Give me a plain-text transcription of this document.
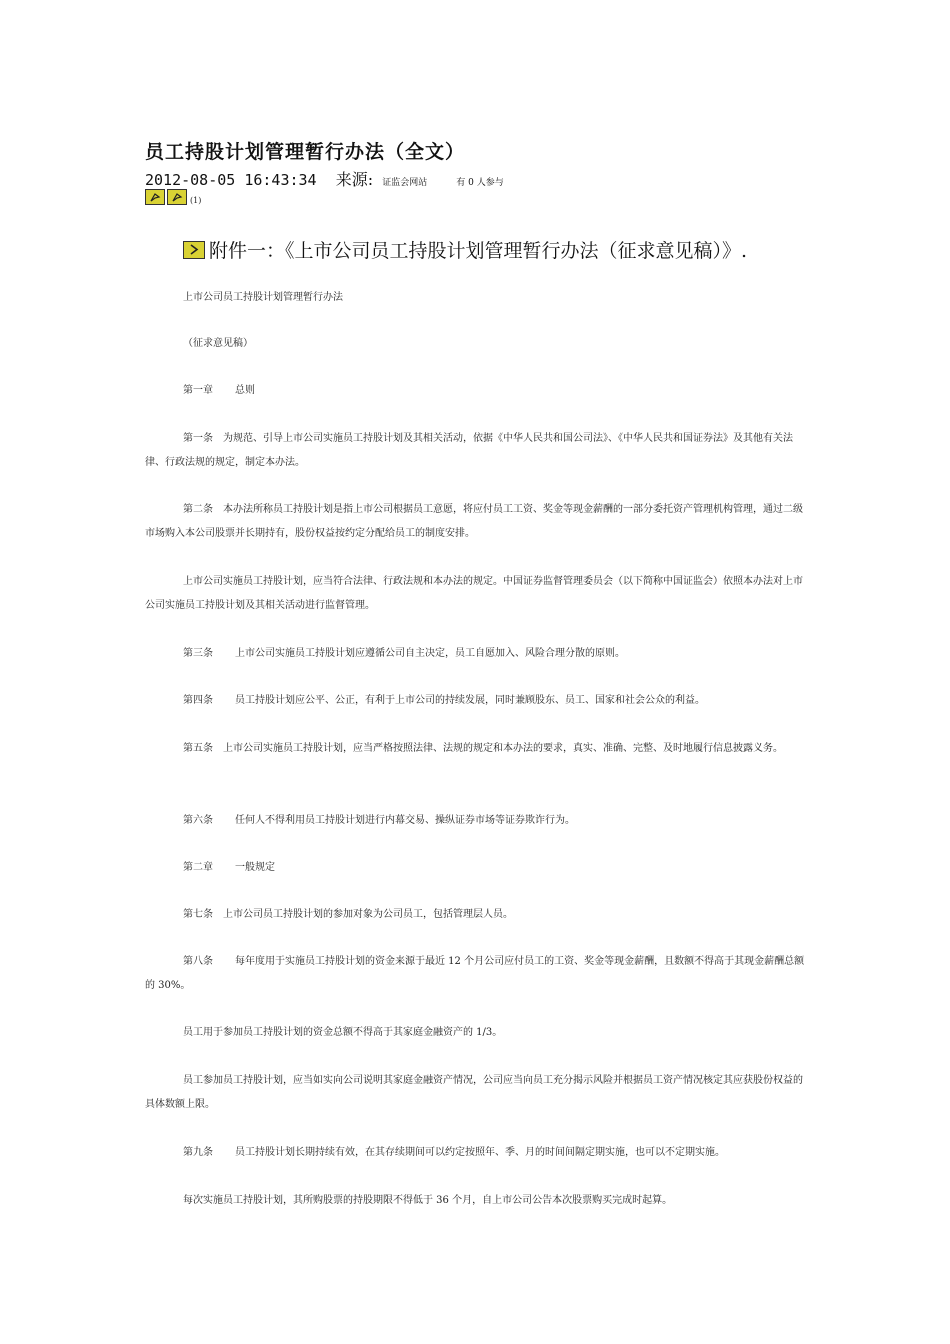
员工持股计划管理暂行办法（全文）
2012-08-05 16:43:34 来源: 证监会网站	有 0 人参与
(1)
附件一：《上市公司员工持股计划管理暂行办法（征求意见稿）》.
上市公司员工持股计划管理暂行办法
（征求意见稿）
第一章 总则
第一条 为规范、引导上市公司实施员工持股计划及其相关活动，依据《中华人民共和国公司法》、《中华人民共和国证券法》及其他有关法律、行政法规的规定，制定本办法。
第二条 本办法所称员工持股计划是指上市公司根据员工意愿，将应付员工工资、奖金等现金薪酬的一部分委托资产管理机构管理，通过二级市场购入本公司股票并长期持有，股份权益按约定分配给员工的制度安排。
上市公司实施员工持股计划，应当符合法律、行政法规和本办法的规定。中国证券监督管理委员会（以下简称中国证监会）依照本办法对上市公司实施员工持股计划及其相关活动进行监督管理。
第三条 上市公司实施员工持股计划应遵循公司自主决定，员工自愿加入、风险合理分散的原则。
第四条 员工持股计划应公平、公正，有利于上市公司的持续发展，同时兼顾股东、员工、国家和社会公众的利益。
第五条 上市公司实施员工持股计划，应当严格按照法律、法规的规定和本办法的要求，真实、准确、完整、及时地履行信息披露义务。
第六条 任何人不得利用员工持股计划进行内幕交易、操纵证券市场等证券欺诈行为。
第二章 一般规定
第七条 上市公司员工持股计划的参加对象为公司员工，包括管理层人员。
第八条 每年度用于实施员工持股计划的资金来源于最近 12 个月公司应付员工的工资、奖金等现金薪酬，且数额不得高于其现金薪酬总额的 30%。
员工用于参加员工持股计划的资金总额不得高于其家庭金融资产的 1/3。
员工参加员工持股计划，应当如实向公司说明其家庭金融资产情况，公司应当向员工充分揭示风险并根据员工资产情况核定其应获股份权益的具体数额上限。
第九条 员工持股计划长期持续有效，在其存续期间可以约定按照年、季、月的时间间隔定期实施，也可以不定期实施。
每次实施员工持股计划，其所购股票的持股期限不得低于 36 个月，自上市公司公告本次股票购买完成时起算。
